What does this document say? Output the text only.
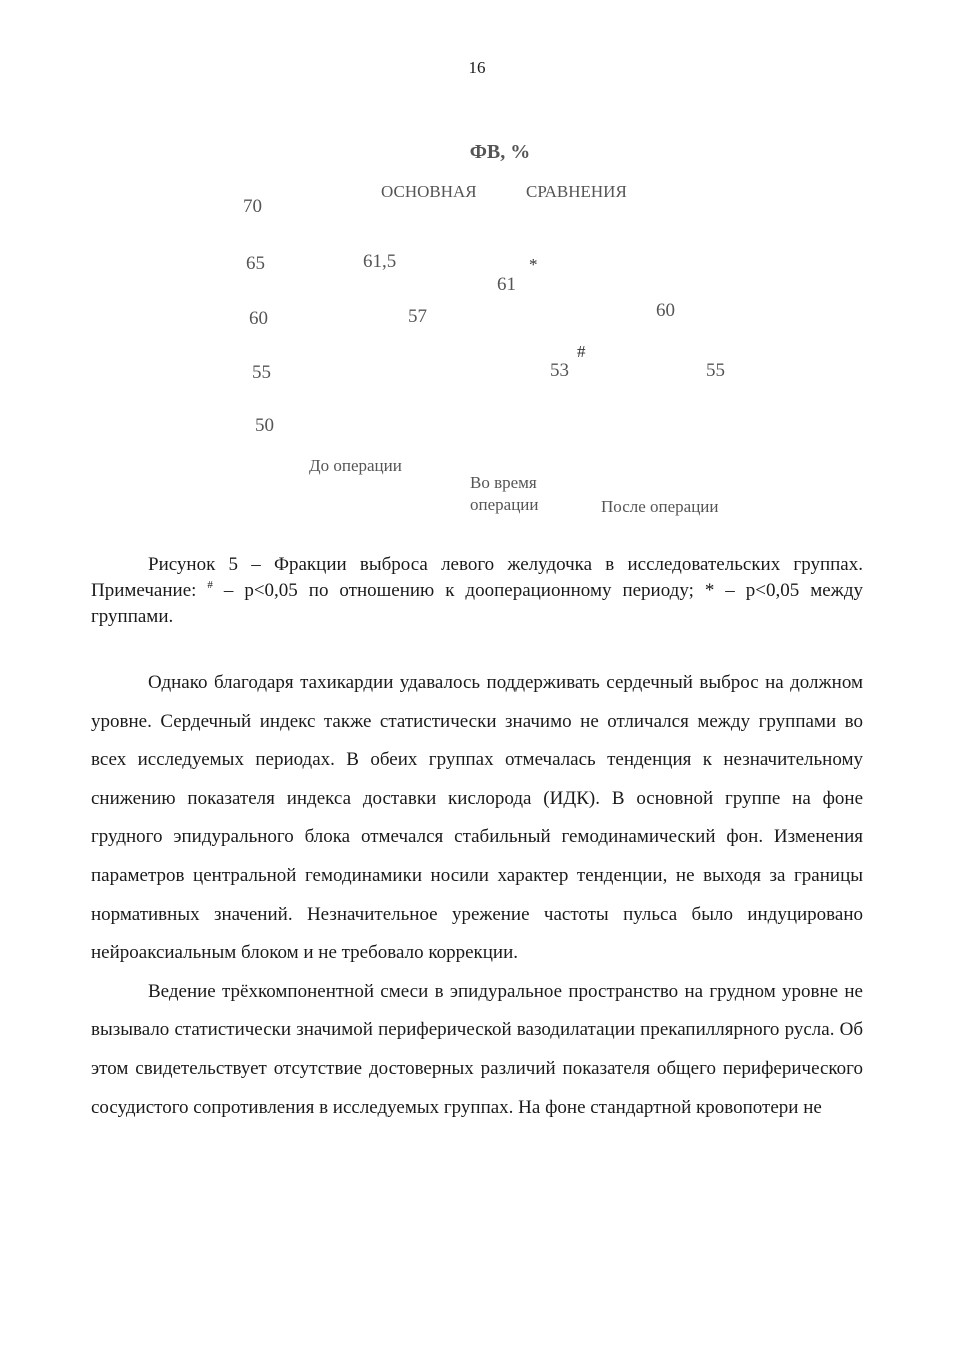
16
ФВ, %
ОСНОВНАЯ	СРАВНЕНИЯ
70
65
60
55
50
61,5
61
60
57
53	55
*
#
До операции
Во время
операции	После операции
Рисунок 5 – Фракции выброса левого желудочка в исследовательских группах. Примечание: # – p<0,05 по отношению к дооперационному периоду; * – p<0,05 между группами.

Однако благодаря тахикардии удавалось поддерживать сердечный выброс на должном уровне. Сердечный индекс также статистически значимо не отличался между группами во всех исследуемых периодах. В обеих группах отмечалась тенденция к незначительному снижению показателя индекса доставки кислорода (ИДК). В основной группе на фоне грудного эпидурального блока отмечался стабильный гемодинамический фон. Изменения параметров центральной гемодинамики носили характер тенденции, не выходя за границы нормативных значений. Незначительное урежение частоты пульса было индуцировано нейроаксиальным блоком и не требовало коррекции.

Ведение трёхкомпонентной смеси в эпидуральное пространство на грудном уровне не вызывало статистически значимой периферической вазодилатации прекапиллярного русла. Об этом свидетельствует отсутствие достоверных различий показателя общего периферического сосудистого сопротивления в исследуемых группах. На фоне стандартной кровопотери не
